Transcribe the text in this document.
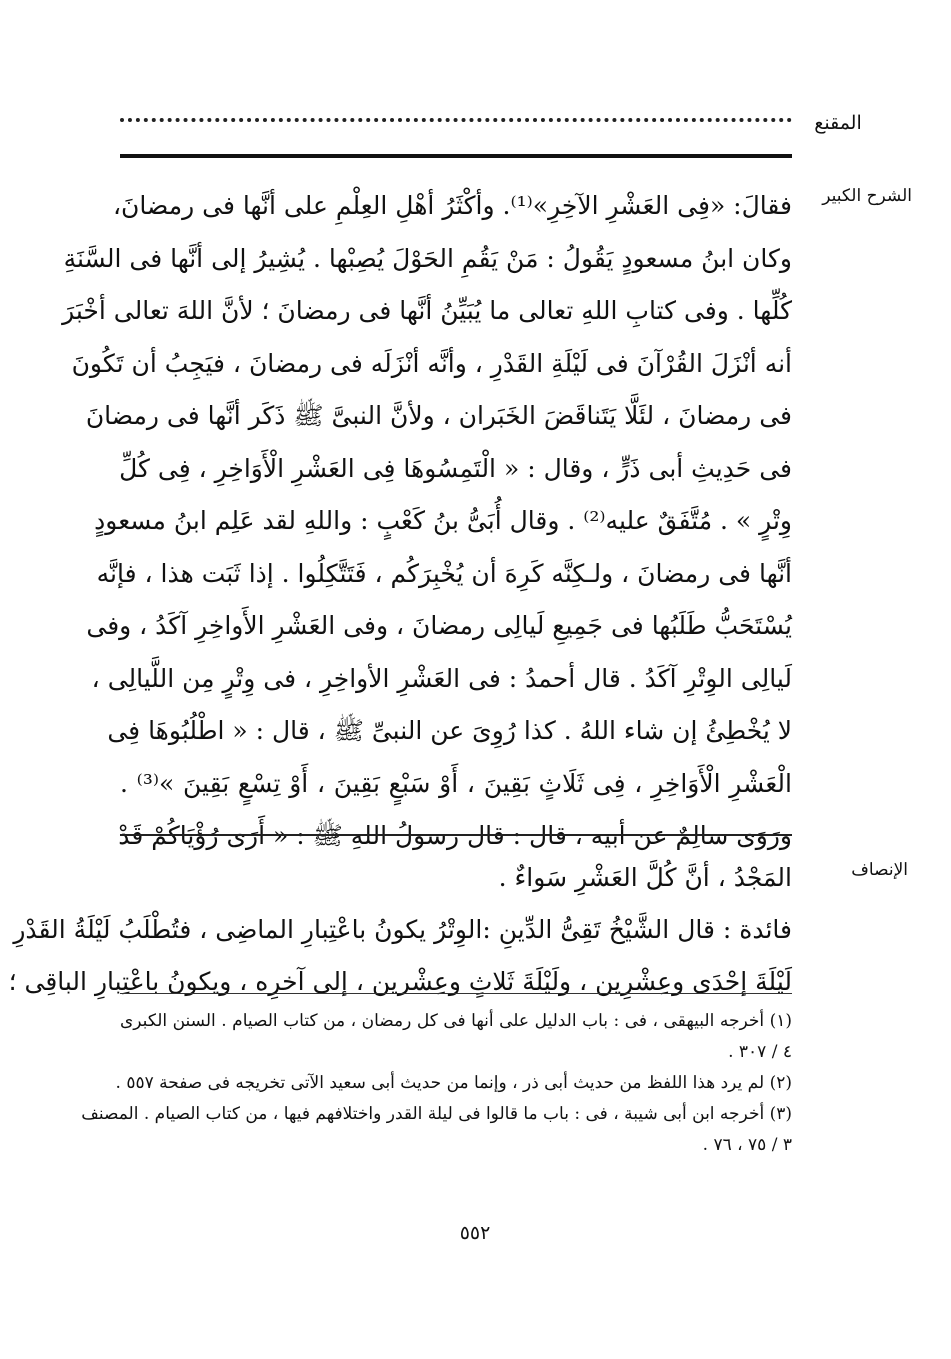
المقنع
الشرح الكبير
فقالَ: «فِى العَشْرِ الآخِرِ»⁽¹⁾. وأكْثَرُ أهْلِ العِلْمِ على أنَّها فى رمضانَ،
وكان ابنُ مسعودٍ يَقُولُ : مَنْ يَقُمِ الحَوْلَ يُصِبْها . يُشِيرُ إلى أنَّها فى السَّنَةِ
كُلِّها . وفى كتابِ اللهِ تعالى ما يُبَيِّنُ أنَّها فى رمضانَ ؛ لأنَّ اللهَ تعالى أخْبَرَ
أنه أنْزَلَ القُرْآنَ فى لَيْلَةِ القَدْرِ ، وأنَّه أنْزَلَه فى رمضانَ ، فيَجِبُ أن تَكُونَ
فى رمضانَ ، لئَلَّا يَتَناقَضَ الخَبَران ، ولأنَّ النبىَّ ﷺ ذَكَر أنَّها فى رمضانَ
فى حَدِيثِ أبى ذَرٍّ ، وقال : « الْتَمِسُوهَا فِى العَشْرِ الْأَوَاخِرِ ، فِى كُلِّ
وِتْرٍ » . مُتَّفَقٌ عليه⁽²⁾ . وقال أُبَىُّ بنُ كَعْبٍ : واللهِ لقد عَلِم ابنُ مسعودٍ
أنَّها فى رمضانَ ، ولـكِنَّه كَرِهَ أن يُخْبِرَكُم ، فَتَتَّكِلُوا . إذا ثَبَت هذا ، فإنَّه
يُسْتَحَبُّ طَلَبُها فى جَمِيعِ لَيالِى رمضانَ ، وفى العَشْرِ الأَواخِرِ آكَدُ ، وفى
لَيالِى الوِتْرِ آكَدُ . قال أحمدُ : فى العَشْرِ الأواخِرِ ، فى وِتْرٍ مِن اللَّيالِى ،
لا يُخْطِئُ إن شاء اللهُ . كذا رُوِىَ عن النبىِّ ﷺ ، قال : « اطْلُبُوهَا فِى
الْعَشْرِ الْأَوَاخِرِ ، فِى ثَلَاثٍ بَقِينَ ، أَوْ سَبْعٍ بَقِينَ ، أَوْ تِسْعٍ بَقِينَ »⁽³⁾ .
ورَوَى سالِمٌ عن أبيه ، قال : قال رسولُ اللهِ ﷺ : « أَرَى رُؤْيَاكُمْ قَدْ
الإنصاف
المَجْدُ ، أنَّ كُلَّ العَشْرِ سَواءٌ .
فائدة : قال الشَّيْخُ تَقِىُّ الدِّينِ :الوِتْرُ يكونُ باعْتِبارِ الماضِى ، فتُطْلَبُ لَيْلَةُ القَدْرِ
لَيْلَةَ إحْدَى وعِشْرِين ، ولَيْلَةَ ثَلاثٍ وعِشْرين ، إلى آخرِه ، ويكونُ باعْتِبارِ الباقِى ؛
(١) أخرجه البيهقى ، فى : باب الدليل على أنها فى كل رمضان ، من كتاب الصيام . السنن الكبرى
٤ / ٣٠٧ .
(٢) لم يرد هذا اللفظ من حديث أبى ذر ، وإنما من حديث أبى سعيد الآتى تخريجه فى صفحة ٥٥٧ .
(٣) أخرجه ابن أبى شيبة ، فى : باب ما قالوا فى ليلة القدر واختلافهم فيها ، من كتاب الصيام . المصنف
٣ / ٧٥ ، ٧٦ .
٥٥٢
